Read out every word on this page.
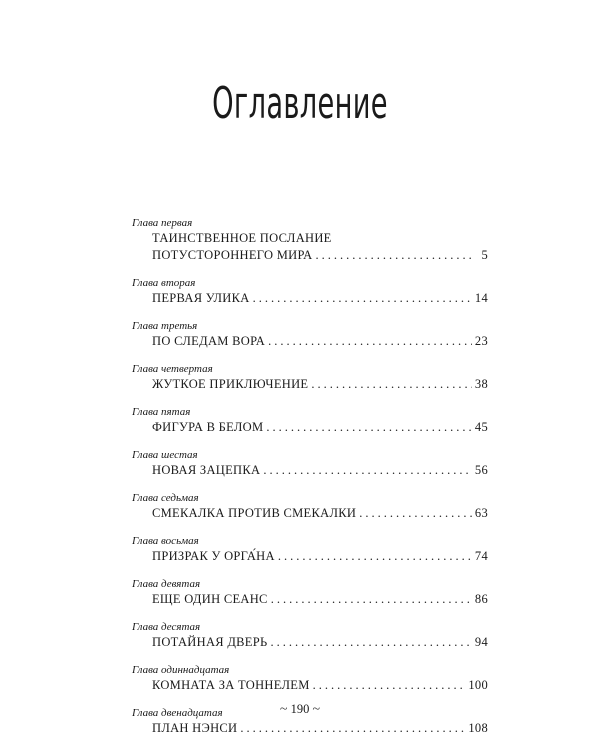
Оглавление
Глава первая
ТАИНСТВЕННОЕ ПОСЛАНИЕ
ПОТУСТОРОННЕГО МИРА .....	5
Глава вторая
ПЕРВАЯ УЛИКА .....	14
Глава третья
ПО СЛЕДАМ ВОРА .....	23
Глава четвертая
ЖУТКОЕ ПРИКЛЮЧЕНИЕ .....	38
Глава пятая
ФИГУРА В БЕЛОМ .....	45
Глава шестая
НОВАЯ ЗАЦЕПКА .....	56
Глава седьмая
СМЕКАЛКА ПРОТИВ СМЕКАЛКИ .....	63
Глава восьмая
ПРИЗРАК У ОРГА́НА .....	74
Глава девятая
ЕЩЕ ОДИН СЕАНС .....	86
Глава десятая
ПОТАЙНАЯ ДВЕРЬ .....	94
Глава одиннадцатая
КОМНАТА ЗА ТОННЕЛЕМ .....	100
Глава двенадцатая
ПЛАН НЭНСИ .....	108
~ 190 ~
